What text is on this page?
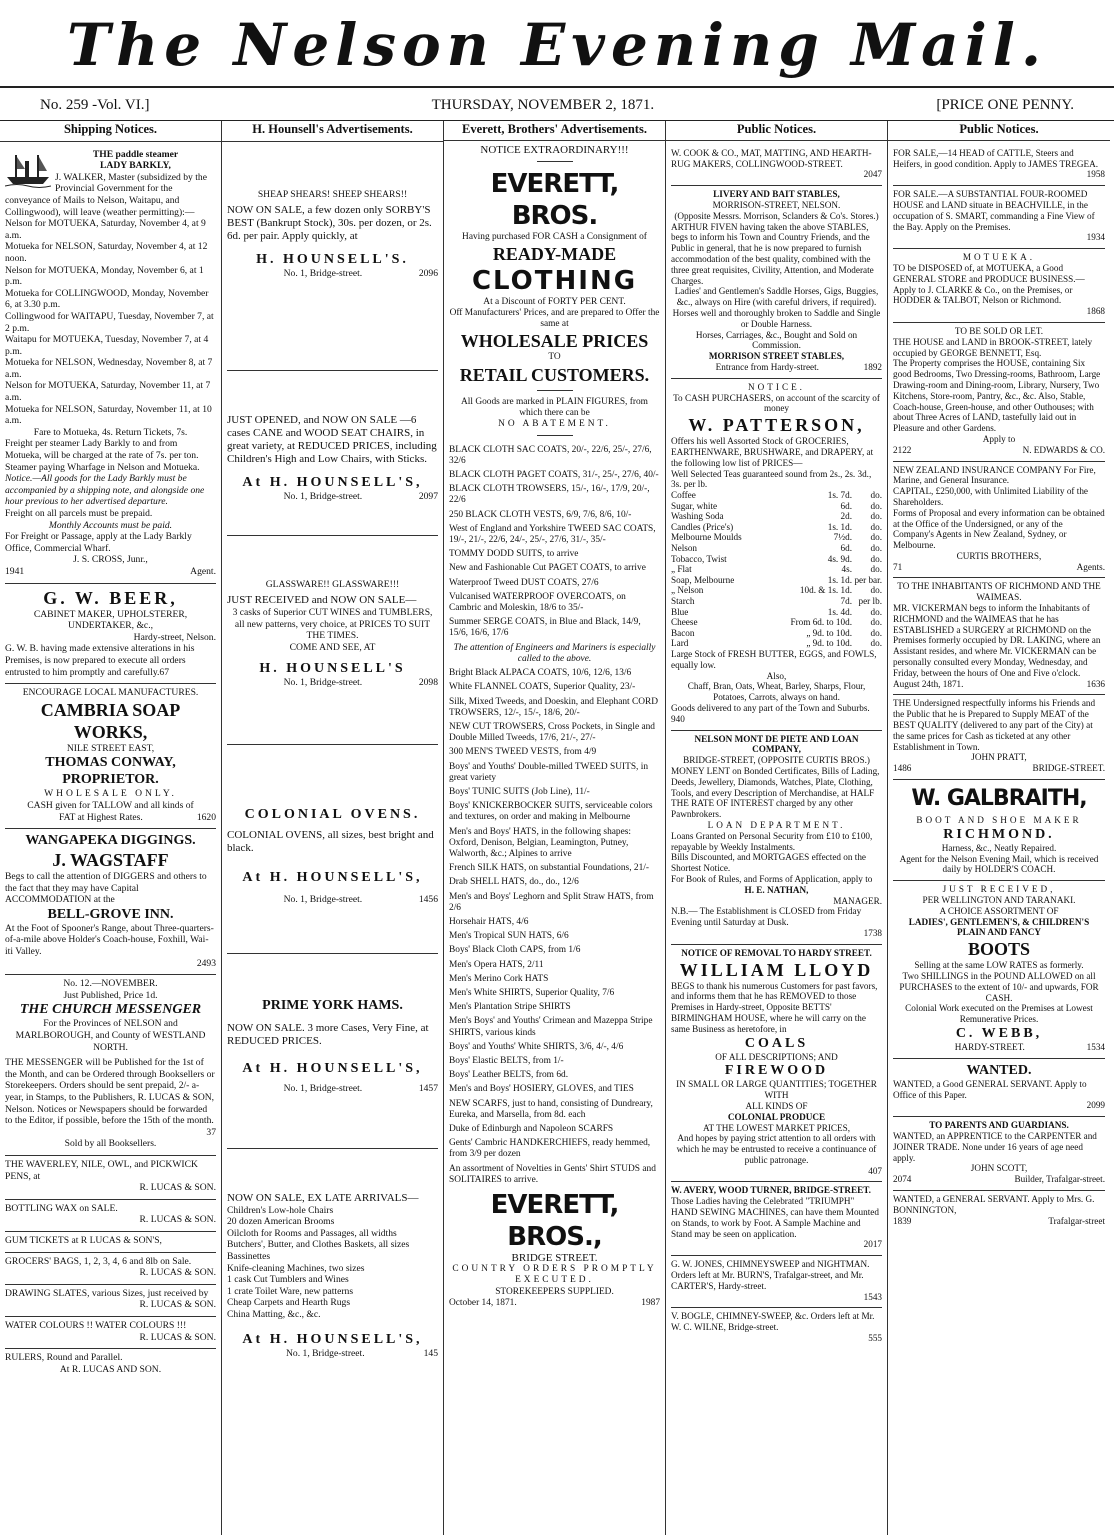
The Nelson Evening Mail.
No. 259 -Vol. VI.]	THURSDAY, NOVEMBER 2, 1871.	[PRICE ONE PENNY.
Shipping Notices.
THE paddle steamer
LADY BARKLY,
J. WALKER, Master (subsidized by the Provincial Government for the conveyance of Mails to Nelson, Waitapu, and Collingwood), will leave (weather permitting):—
Nelson for MOTUEKA, Saturday, November 4, at 9 a.m.
Motueka for NELSON, Saturday, November 4, at 12 noon.
Nelson for MOTUEKA, Monday, November 6, at 1 p.m.
Motueka for COLLINGWOOD, Monday, November 6, at 3.30 p.m.
Collingwood for WAITAPU, Tuesday, November 7, at 2 p.m.
Waitapu for MOTUEKA, Tuesday, November 7, at 4 p.m.
Motueka for NELSON, Wednesday, November 8, at 7 a.m.
Nelson for MOTUEKA, Saturday, November 11, at 7 a.m.
Motueka for NELSON, Saturday, November 11, at 10 a.m.
Fare to Motueka, 4s. Return Tickets, 7s.
Freight per steamer Lady Barkly to and from Motueka, will be charged at the rate of 7s. per ton. Steamer paying Wharfage in Nelson and Motueka.
Notice.—All goods for the Lady Barkly must be accompanied by a shipping note, and alongside one hour previous to her advertised departure.
Freight on all parcels must be prepaid.
Monthly Accounts must be paid.
For Freight or Passage, apply at the Lady Barkly Office, Commercial Wharf.
J. S. CROSS, Junr.,
1941	Agent.
G. W. BEER,
CABINET MAKER, UPHOLSTERER,
UNDERTAKER, &c.,
Hardy-street, Nelson.
G. W. B. having made extensive alterations in his Premises, is now prepared to execute all orders entrusted to him promptly and carefully.67
ENCOURAGE LOCAL MANUFACTURES.
CAMBRIA SOAP WORKS,
NILE STREET EAST,
THOMAS CONWAY, PROPRIETOR.
WHOLESALE ONLY.
CASH given for TALLOW and all kinds of
FAT at Highest Rates.	1620
WANGAPEKA DIGGINGS.
J. WAGSTAFF
Begs to call the attention of DIGGERS and others to the fact that they may have Capital ACCOMMODATION at the
BELL-GROVE INN.
At the Foot of Spooner's Range, about Three-quarters-of-a-mile above Holder's Coach-house, Foxhill, Wai-iti Valley.
2493
No. 12.—NOVEMBER.
Just Published, Price 1d.
THE CHURCH MESSENGER
For the Provinces of NELSON and MARLBOROUGH, and County of WESTLAND NORTH.
THE MESSENGER will be Published for the 1st of the Month, and can be Ordered through Booksellers or Storekeepers. Orders should be sent prepaid, 2/- a-year, in Stamps, to the Publishers, R. LUCAS & SON, Nelson. Notices or Newspapers should be forwarded to the Editor, if possible, before the 15th of the month.
37
Sold by all Booksellers.
THE WAVERLEY, NILE, OWL, and PICKWICK PENS, at
R. LUCAS & SON.
BOTTLING WAX on SALE.
R. LUCAS & SON.
GUM TICKETS at R LUCAS & SON'S,
GROCERS' BAGS, 1, 2, 3, 4, 6 and 8lb on Sale.
R. LUCAS & SON.
DRAWING SLATES, various Sizes, just received by
R. LUCAS & SON.
WATER COLOURS !! WATER COLOURS !!!
R. LUCAS & SON.
RULERS, Round and Parallel.
At R. LUCAS AND SON.
H. Hounsell's Advertisements.
SHEAP SHEARS! SHEEP SHEARS!!
NOW ON SALE, a few dozen only SORBY'S BEST (Bankrupt Stock), 30s. per dozen, or 2s. 6d. per pair. Apply quickly, at
H. HOUNSELL'S.
No. 1, Bridge-street.	2096
JUST OPENED, and NOW ON SALE —6 cases CANE and WOOD SEAT CHAIRS, in great variety, at REDUCED PRICES, including Children's High and Low Chairs, with Sticks.
At H. HOUNSELL'S,
No. 1, Bridge-street.	2097
GLASSWARE!! GLASSWARE!!!
JUST RECEIVED and NOW ON SALE—
3 casks of Superior CUT WINES and TUMBLERS, all new patterns, very choice, at PRICES TO SUIT THE TIMES.
COME AND SEE, AT
H. HOUNSELL'S
No. 1, Bridge-street.	2098
COLONIAL OVENS.
COLONIAL OVENS, all sizes, best bright and black.
At H. HOUNSELL'S,
No. 1, Bridge-street.	1456
PRIME YORK HAMS.
NOW ON SALE. 3 more Cases, Very Fine, at REDUCED PRICES.
At H. HOUNSELL'S,
No. 1, Bridge-street.	1457
NOW ON SALE, EX LATE ARRIVALS—
Children's Low-hole Chairs
20 dozen American Brooms
Oilcloth for Rooms and Passages, all widths
Butchers', Butter, and Clothes Baskets, all sizes
Bassinettes
Knife-cleaning Machines, two sizes
1 cask Cut Tumblers and Wines
1 crate Toilet Ware, new patterns
Cheap Carpets and Hearth Rugs
China Matting, &c., &c.
At H. HOUNSELL'S,
No. 1, Bridge-street.	145
Everett, Brothers' Advertisements.
NOTICE EXTRAORDINARY!!!
EVERETT, BROS.
Having purchased FOR CASH a Consignment of
READY-MADE
CLOTHING
At a Discount of FORTY PER CENT.
Off Manufacturers' Prices, and are prepared to Offer the same at
WHOLESALE PRICES
TO
RETAIL CUSTOMERS.
All Goods are marked in PLAIN FIGURES, from which there can be
NO ABATEMENT.
BLACK CLOTH SAC COATS, 20/-, 22/6, 25/-, 27/6, 32/6
BLACK CLOTH PAGET COATS, 31/-, 25/-, 27/6, 40/-
BLACK CLOTH TROWSERS, 15/-, 16/-, 17/9, 20/-, 22/6
250 BLACK CLOTH VESTS, 6/9, 7/6, 8/6, 10/-
West of England and Yorkshire TWEED SAC COATS, 19/-, 21/-, 22/6, 24/-, 25/-, 27/6, 31/-, 35/-
TOMMY DODD SUITS, to arrive
New and Fashionable Cut PAGET COATS, to arrive
Waterproof Tweed DUST COATS, 27/6
Vulcanised WATERPROOF OVERCOATS, on Cambric and Moleskin, 18/6 to 35/-
Summer SERGE COATS, in Blue and Black, 14/9, 15/6, 16/6, 17/6
The attention of Engineers and Mariners is especially called to the above.
Bright Black ALPACA COATS, 10/6, 12/6, 13/6
White FLANNEL COATS, Superior Quality, 23/-
Silk, Mixed Tweeds, and Doeskin, and Elephant CORD TROWSERS, 12/-, 15/-, 18/6, 20/-
NEW CUT TROWSERS, Cross Pockets, in Single and Double Milled Tweeds, 17/6, 21/-, 27/-
300 MEN'S TWEED VESTS, from 4/9
Boys' and Youths' Double-milled TWEED SUITS, in great variety
Boys' TUNIC SUITS (Job Line), 11/-
Boys' KNICKERBOCKER SUITS, serviceable colors and textures, on order and making in Melbourne
Men's and Boys' HATS, in the following shapes: Oxford, Denison, Belgian, Leamington, Putney, Walworth, &c.; Alpines to arrive
French SILK HATS, on substantial Foundations, 21/-
Drab SHELL HATS, do., do., 12/6
Men's and Boys' Leghorn and Split Straw HATS, from 2/6
Horsehair HATS, 4/6
Men's Tropical SUN HATS, 6/6
Boys' Black Cloth CAPS, from 1/6
Men's Opera HATS, 2/11
Men's Merino Cork HATS
Men's White SHIRTS, Superior Quality, 7/6
Men's Plantation Stripe SHIRTS
Men's Boys' and Youths' Crimean and Mazeppa Stripe SHIRTS, various kinds
Boys' and Youths' White SHIRTS, 3/6, 4/-, 4/6
Boys' Elastic BELTS, from 1/-
Boys' Leather BELTS, from 6d.
Men's and Boys' HOSIERY, GLOVES, and TIES
NEW SCARFS, just to hand, consisting of Dundreary, Eureka, and Marsella, from 8d. each
Duke of Edinburgh and Napoleon SCARFS
Gents' Cambric HANDKERCHIEFS, ready hemmed, from 3/9 per dozen
An assortment of Novelties in Gents' Shirt STUDS and SOLITAIRES to arrive.
EVERETT, BROS.,
BRIDGE STREET.
COUNTRY ORDERS PROMPTLY EXECUTED.
STOREKEEPERS SUPPLIED.
October 14, 1871.	1987
Public Notices.
W. COOK & CO., MAT, MATTING, AND HEARTH-RUG MAKERS, COLLINGWOOD-STREET.
2047
LIVERY AND BAIT STABLES,
MORRISON-STREET, NELSON.
(Opposite Messrs. Morrison, Sclanders & Co's. Stores.)
ARTHUR FIVEN having taken the above STABLES, begs to inform his Town and Country Friends, and the Public in general, that he is now prepared to furnish accommodation of the best quality, combined with the three great requisites, Civility, Attention, and Moderate Charges.
Ladies' and Gentlemen's Saddle Horses, Gigs, Buggies, &c., always on Hire (with careful drivers, if required).
Horses well and thoroughly broken to Saddle and Single or Double Harness.
Horses, Carriages, &c., Bought and Sold on Commission.
MORRISON STREET STABLES,
Entrance from Hardy-street.	1892
NOTICE.
To CASH PURCHASERS, on account of the scarcity of money
W. PATTERSON,
Offers his well Assorted Stock of GROCERIES, EARTHENWARE, BRUSHWARE, and DRAPERY, at the following low list of PRICES—
Well Selected Teas guaranteed sound from 2s., 2s. 3d., 3s. per lb.
Coffee	1s. 7d.	do.
Sugar, white	6d.	do.
Washing Soda	2d.	do.
Candles (Price's)	1s. 1d.	do.
Melbourne Moulds	7½d.	do.
Nelson	6d.	do.
Tobacco, Twist	4s. 9d.	do.
„ Flat	4s.	do.
Soap, Melbourne	1s. 1d.	per bar.
„ Nelson	10d. & 1s. 1d.	do.
Starch	7d.	per lb.
Blue	1s. 4d.	do.
Cheese	From 6d. to 10d.	do.
Bacon	„ 9d. to 10d.	do.
Lard	„ 9d. to 10d.	do.
Large Stock of FRESH BUTTER, EGGS, and FOWLS, equally low.
Also,
Chaff, Bran, Oats, Wheat, Barley, Sharps, Flour, Potatoes, Carrots, always on hand.
Goods delivered to any part of the Town and Suburbs.
940
NELSON MONT DE PIETE AND LOAN COMPANY,
BRIDGE-STREET, (OPPOSITE CURTIS BROS.)
MONEY LENT on Bonded Certificates, Bills of Lading, Deeds, Jewellery, Diamonds, Watches, Plate, Clothing, Tools, and every Description of Merchandise, at HALF THE RATE OF INTEREST charged by any other Pawnbrokers.
LOAN DEPARTMENT.
Loans Granted on Personal Security from £10 to £100, repayable by Weekly Instalments.
Bills Discounted, and MORTGAGES effected on the Shortest Notice.
For Book of Rules, and Forms of Application, apply to
H. E. NATHAN,
MANAGER.
N.B.— The Establishment is CLOSED from Friday Evening until Saturday at Dusk.
1738
NOTICE OF REMOVAL TO HARDY STREET.
WILLIAM LLOYD
BEGS to thank his numerous Customers for past favors, and informs them that he has REMOVED to those Premises in Hardy-street, Opposite BETTS' BIRMINGHAM HOUSE, where he will carry on the same Business as heretofore, in
COALS
OF ALL DESCRIPTIONS; AND
FIREWOOD
IN SMALL OR LARGE QUANTITIES; TOGETHER WITH
ALL KINDS OF
COLONIAL PRODUCE
AT THE LOWEST MARKET PRICES,
And hopes by paying strict attention to all orders with which he may be entrusted to receive a continuance of public patronage.
407
W. AVERY, WOOD TURNER, BRIDGE-STREET.
Those Ladies having the Celebrated "TRIUMPH" HAND SEWING MACHINES, can have them Mounted on Stands, to work by Foot. A Sample Machine and Stand may be seen on application.
2017
G. W. JONES, CHIMNEYSWEEP and NIGHTMAN. Orders left at Mr. BURN'S, Trafalgar-street, and Mr. CARTER'S, Hardy-street.
1543
V. BOGLE, CHIMNEY-SWEEP, &c. Orders left at Mr. W. C. WILNE, Bridge-street.
555
Public Notices.
FOR SALE,—14 HEAD of CATTLE, Steers and Heifers, in good condition. Apply to JAMES TREGEA.
1958
FOR SALE.—A SUBSTANTIAL FOUR-ROOMED HOUSE and LAND situate in BEACHVILLE, in the occupation of S. SMART, commanding a Fine View of the Bay. Apply on the Premises.
1934
MOTUEKA.
TO be DISPOSED of, at MOTUEKA, a Good GENERAL STORE and PRODUCE BUSINESS.—Apply to J. CLARKE & Co., on the Premises, or HODDER & TALBOT, Nelson or Richmond.
1868
TO BE SOLD OR LET.
THE HOUSE and LAND in BROOK-STREET, lately occupied by GEORGE BENNETT, Esq.
The Property comprises the HOUSE, containing Six good Bedrooms, Two Dressing-rooms, Bathroom, Large Drawing-room and Dining-room, Library, Nursery, Two Kitchens, Store-room, Pantry, &c., &c. Also, Stable, Coach-house, Green-house, and other Outhouses; with about Three Acres of LAND, tastefully laid out in Pleasure and other Gardens.
Apply to
2122	N. EDWARDS & CO.
NEW ZEALAND INSURANCE COMPANY For Fire, Marine, and General Insurance.
CAPITAL, £250,000, with Unlimited Liability of the Shareholders.
Forms of Proposal and every information can be obtained at the Office of the Undersigned, or any of the Company's Agents in New Zealand, Sydney, or Melbourne.
CURTIS BROTHERS,
71	Agents.
TO THE INHABITANTS OF RICHMOND AND THE WAIMEAS.
MR. VICKERMAN begs to inform the Inhabitants of RICHMOND and the WAIMEAS that he has ESTABLISHED a SURGERY at RICHMOND on the Premises formerly occupied by DR. LAKING, where an Assistant resides, and where Mr. VICKERMAN can be personally consulted every Monday, Wednesday, and Friday, between the hours of One and Five o'clock.
August 24th, 1871.	1636
THE Undersigned respectfully informs his Friends and the Public that he is Prepared to Supply MEAT of the BEST QUALITY (delivered to any part of the City) at the same prices for Cash as ticketed at any other Establishment in Town.
JOHN PRATT,
1486	BRIDGE-STREET.
W. GALBRAITH,
BOOT AND SHOE MAKER
RICHMOND.
Harness, &c., Neatly Repaired.
Agent for the Nelson Evening Mail, which is received daily by HOLDER'S COACH.
JUST RECEIVED,
PER WELLINGTON AND TARANAKI.
A CHOICE ASSORTMENT OF
LADIES', GENTLEMEN'S, & CHILDREN'S
PLAIN AND FANCY
BOOTS
Selling at the same LOW RATES as formerly.
Two SHILLINGS in the POUND ALLOWED on all PURCHASES to the extent of 10/- and upwards, FOR CASH.
Colonial Work executed on the Premises at Lowest Remunerative Prices.
C. WEBB,
HARDY-STREET.	1534
WANTED.
WANTED, a Good GENERAL SERVANT. Apply to Office of this Paper.
2099
TO PARENTS AND GUARDIANS.
WANTED, an APPRENTICE to the CARPENTER and JOINER TRADE. None under 16 years of age need apply.
JOHN SCOTT,
2074	Builder, Trafalgar-street.
WANTED, a GENERAL SERVANT. Apply to Mrs. G. BONNINGTON,
1839	Trafalgar-street
